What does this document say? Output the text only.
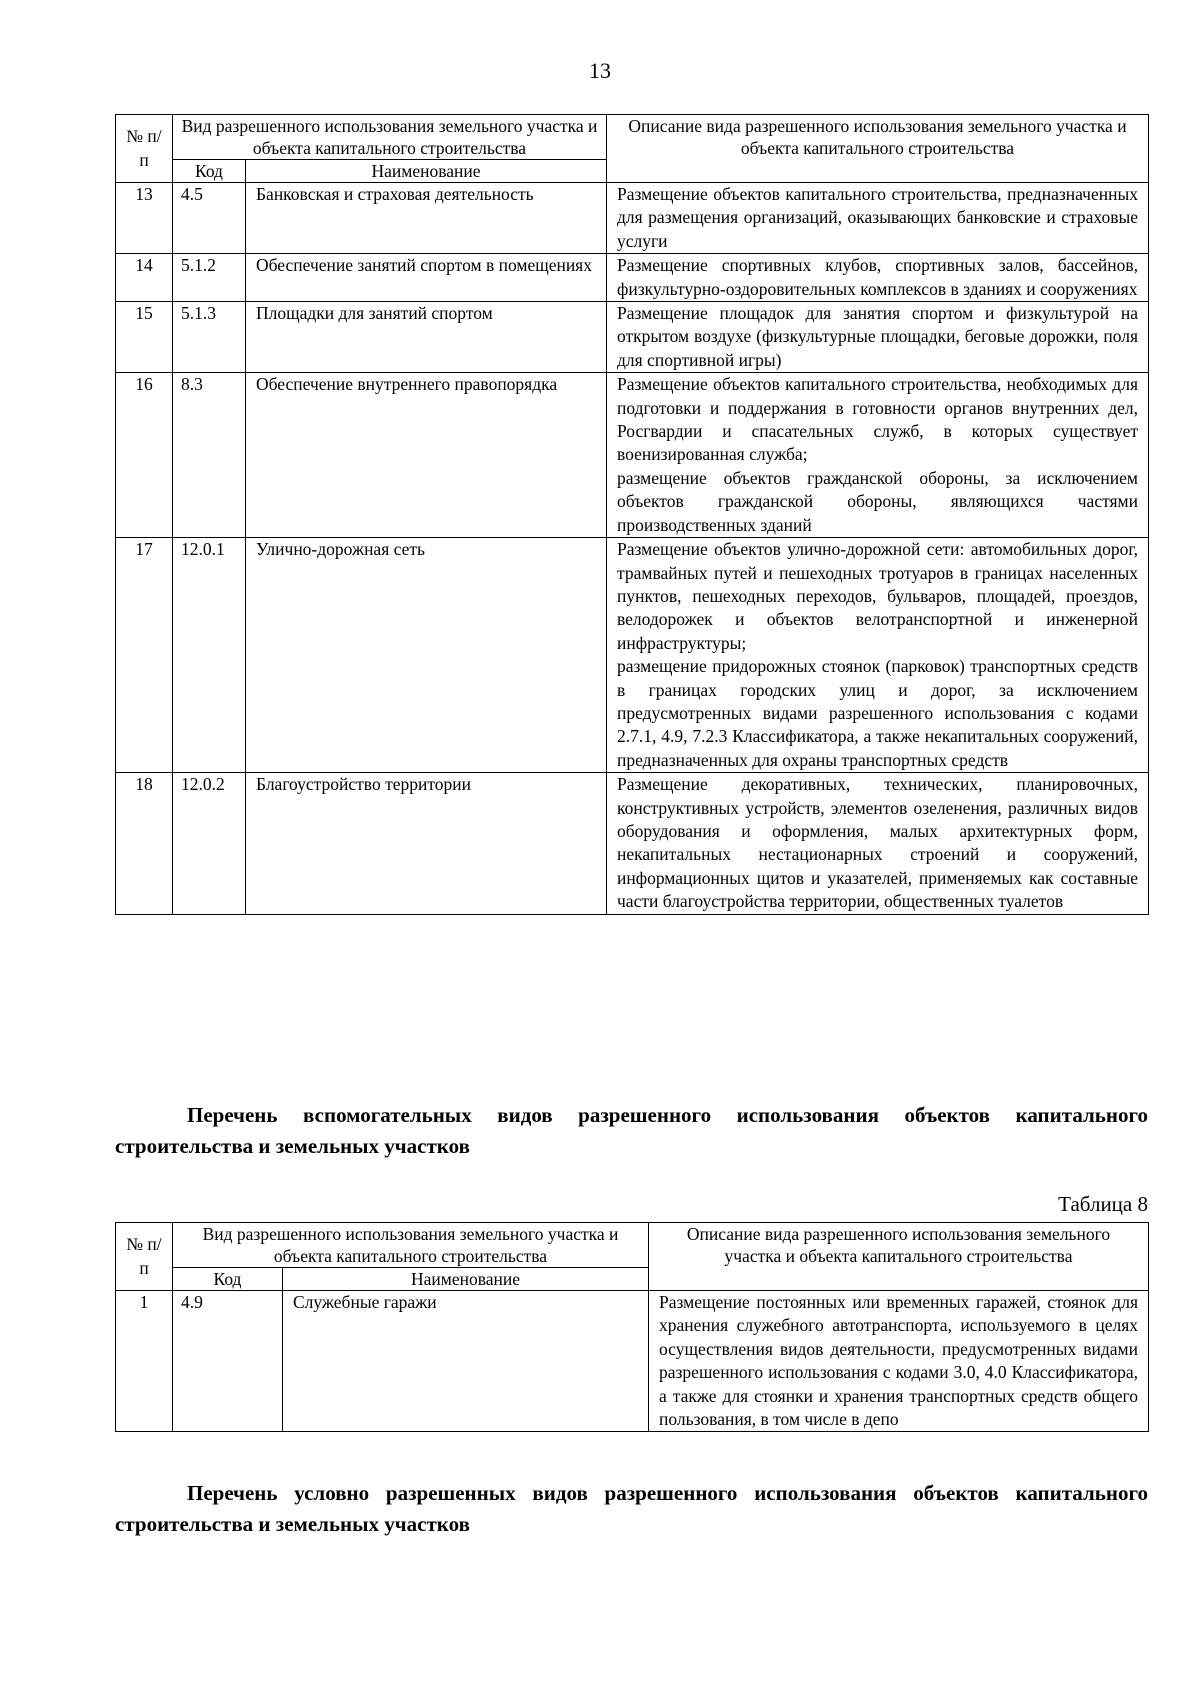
13
№ п/п	Вид разрешенного использования земельного участка и объекта капитального строительства		Описание вида разрешенного использования земельного участка и объекта капитального строительства
	Код	Наименование	
13	4.5	Банковская и страховая деятельность	Размещение объектов капитального строительства, предназначенных для размещения организаций, оказывающих банковские и страховые услуги

14	5.1.2	Обеспечение занятий спортом в помещениях	Размещение спортивных клубов, спортивных залов, бассейнов, физкультурно-оздоровительных комплексов в зданиях и сооружениях

15	5.1.3	Площадки для занятий спортом	Размещение площадок для занятия спортом и физкультурой на открытом воздухе (физкультурные площадки, беговые дорожки, поля для спортивной игры)

16	8.3	Обеспечение внутреннего правопорядка	Размещение объектов капитального строительства, необходимых для подготовки и поддержания в готовности органов внутренних дел, Росгвардии и спасательных служб, в которых существует военизированная служба;

размещение объектов гражданской обороны, за исключением объектов гражданской обороны, являющихся частями производственных зданий

17	12.0.1	Улично-дорожная сеть	Размещение объектов улично-дорожной сети: автомобильных дорог, трамвайных путей и пешеходных тротуаров в границах населенных пунктов, пешеходных переходов, бульваров, площадей, проездов, велодорожек и объектов велотранспортной и инженерной инфраструктуры;

размещение придорожных стоянок (парковок) транспортных средств в границах городских улиц и дорог, за исключением предусмотренных видами разрешенного использования с кодами 2.7.1, 4.9, 7.2.3 Классификатора, а также некапитальных сооружений, предназначенных для охраны транспортных средств

18	12.0.2	Благоустройство территории	Размещение декоративных, технических, планировочных, конструктивных устройств, элементов озеленения, различных видов оборудования и оформления, малых архитектурных форм, некапитальных нестационарных строений и сооружений, информационных щитов и указателей, применяемых как составные части благоустройства территории, общественных туалетов

Перечень вспомогательных видов разрешенного использования объектов капитального строительства и земельных участков
Таблица 8
№ п/п	Вид разрешенного использования земельного участка и объекта капитального строительства		Описание вида разрешенного использования земельного участка и объекта капитального строительства
	Код	Наименование	
1	4.9	Служебные гаражи	Размещение постоянных или временных гаражей, стоянок для хранения служебного автотранспорта, используемого в целях осуществления видов деятельности, предусмотренных видами разрешенного использования с кодами 3.0, 4.0 Классификатора, а также для стоянки и хранения транспортных средств общего пользования, в том числе в депо

Перечень условно разрешенных видов разрешенного использования объектов капитального строительства и земельных участков
